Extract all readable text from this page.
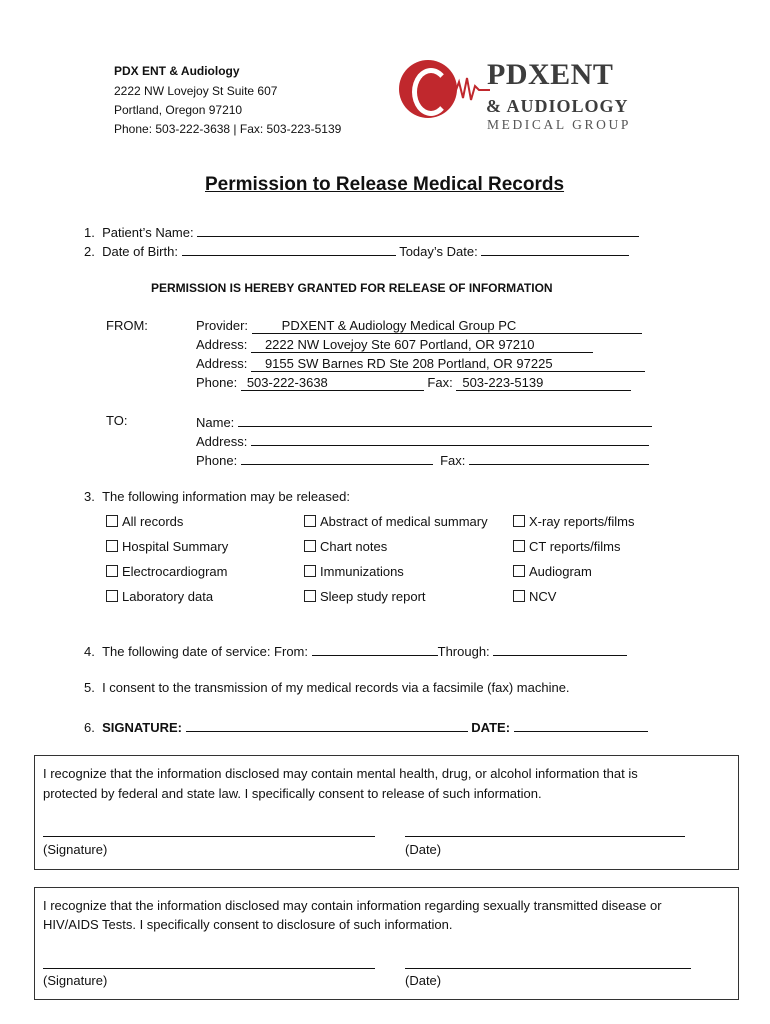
PDX ENT & Audiology
2222 NW Lovejoy St Suite 607
Portland, Oregon 97210
Phone: 503-222-3638 | Fax: 503-223-5139
PDXENT
& AUDIOLOGY
MEDICAL GROUP
Permission to Release Medical Records
1. Patient’s Name:
2. Date of Birth:	Today’s Date:
PERMISSION IS HEREBY GRANTED FOR RELEASE OF INFORMATION
FROM:	Provider:	PDXENT & Audiology Medical Group PC
Address: 2222 NW Lovejoy Ste 607 Portland, OR 97210
Address: 9155 SW Barnes RD Ste 208 Portland, OR 97225
Phone: 503-222-3638	Fax: 503-223-5139
TO:	Name:
Address:
Phone:	Fax:
3. The following information may be released:
All records	Abstract of medical summary	X-ray reports/films
Hospital Summary	Chart notes	CT reports/films
Electrocardiogram	Immunizations	Audiogram
Laboratory data	Sleep study report	NCV
4. The following date of service: From:	Through:
5. I consent to the transmission of my medical records via a facsimile (fax) machine.
6. SIGNATURE:	DATE:
I recognize that the information disclosed may contain mental health, drug, or alcohol information that is
protected by federal and state law. I specifically consent to release of such information.
(Signature)	(Date)
I recognize that the information disclosed may contain information regarding sexually transmitted disease or
HIV/AIDS Tests. I specifically consent to disclosure of such information.
(Signature)	(Date)
